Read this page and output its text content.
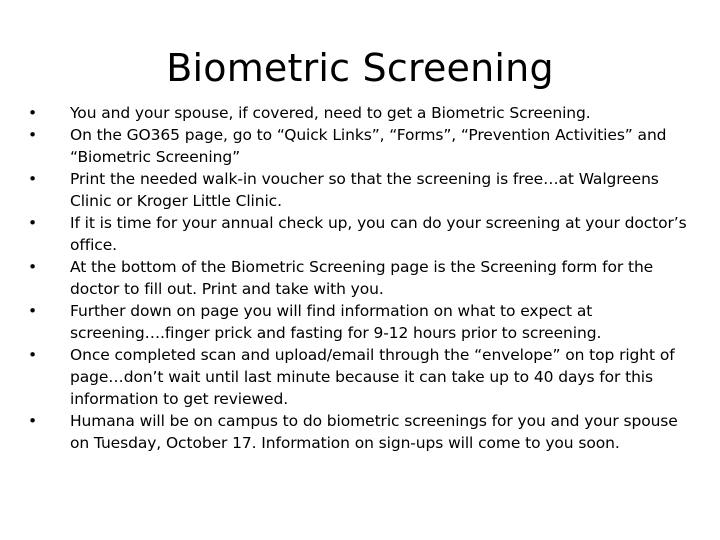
Biometric Screening
• You and your spouse, if covered, need to get a Biometric Screening.
• On the GO365 page, go to “Quick Links”, “Forms”, “Prevention Activities” and “Biometric Screening”
• Print the needed walk-in voucher so that the screening is free…at Walgreens Clinic or Kroger Little Clinic.
• If it is time for your annual check up, you can do your screening at your doctor’s office.
• At the bottom of the Biometric Screening page is the Screening form for the doctor to fill out. Print and take with you.
• Further down on page you will find information on what to expect at screening….finger prick and fasting for 9-12 hours prior to screening.
• Once completed scan and upload/email through the “envelope” on top right of page…don’t wait until last minute because it can take up to 40 days for this information to get reviewed.
• Humana will be on campus to do biometric screenings for you and your spouse on Tuesday, October 17. Information on sign-ups will come to you soon.
